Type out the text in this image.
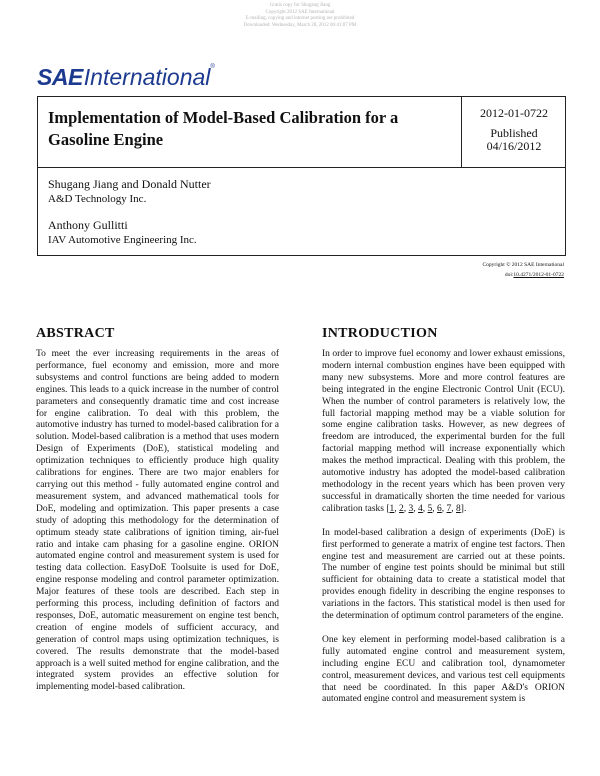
Gratis copy for Shugang Jiang
Copyright 2012 SAE International
E-mailing, copying and internet posting are prohibited
Downloaded: Wednesday, March 28, 2012 06:41:07 PM
SAEInternational®
Implementation of Model-Based Calibration for a Gasoline Engine
2012-01-0722
Published
04/16/2012
Shugang Jiang and Donald Nutter
A&D Technology Inc.
Anthony Gullitti
IAV Automotive Engineering Inc.
Copyright © 2012 SAE International
doi:10.4271/2012-01-0722
ABSTRACT

To meet the ever increasing requirements in the areas of performance, fuel economy and emission, more and more subsystems and control functions are being added to modern engines. This leads to a quick increase in the number of control parameters and consequently dramatic time and cost increase for engine calibration. To deal with this problem, the automotive industry has turned to model-based calibration for a solution. Model-based calibration is a method that uses modern Design of Experiments (DoE), statistical modeling and optimization techniques to efficiently produce high quality calibrations for engines. There are two major enablers for carrying out this method - fully automated engine control and measurement system, and advanced mathematical tools for DoE, modeling and optimization. This paper presents a case study of adopting this methodology for the determination of optimum steady state calibrations of ignition timing, air-fuel ratio and intake cam phasing for a gasoline engine. ORION automated engine control and measurement system is used for testing data collection. EasyDoE Toolsuite is used for DoE, engine response modeling and control parameter optimization. Major features of these tools are described. Each step in performing this process, including definition of factors and responses, DoE, automatic measurement on engine test bench, creation of engine models of sufficient accuracy, and generation of control maps using optimization techniques, is covered. The results demonstrate that the model-based approach is a well suited method for engine calibration, and the integrated system provides an effective solution for implementing model-based calibration.

INTRODUCTION

In order to improve fuel economy and lower exhaust emissions, modern internal combustion engines have been equipped with many new subsystems. More and more control features are being integrated in the engine Electronic Control Unit (ECU). When the number of control parameters is relatively low, the full factorial mapping method may be a viable solution for some engine calibration tasks. However, as new degrees of freedom are introduced, the experimental burden for the full factorial mapping method will increase exponentially which makes the method impractical. Dealing with this problem, the automotive industry has adopted the model-based calibration methodology in the recent years which has been proven very successful in dramatically shorten the time needed for various calibration tasks [1, 2, 3, 4, 5, 6, 7, 8].

In model-based calibration a design of experiments (DoE) is first performed to generate a matrix of engine test factors. Then engine test and measurement are carried out at these points. The number of engine test points should be minimal but still sufficient for obtaining data to create a statistical model that provides enough fidelity in describing the engine responses to variations in the factors. This statistical model is then used for the determination of optimum control parameters of the engine.

One key element in performing model-based calibration is a fully automated engine control and measurement system, including engine ECU and calibration tool, dynamometer control, measurement devices, and various test cell equipments that need be coordinated. In this paper A&D's ORION automated engine control and measurement system is
